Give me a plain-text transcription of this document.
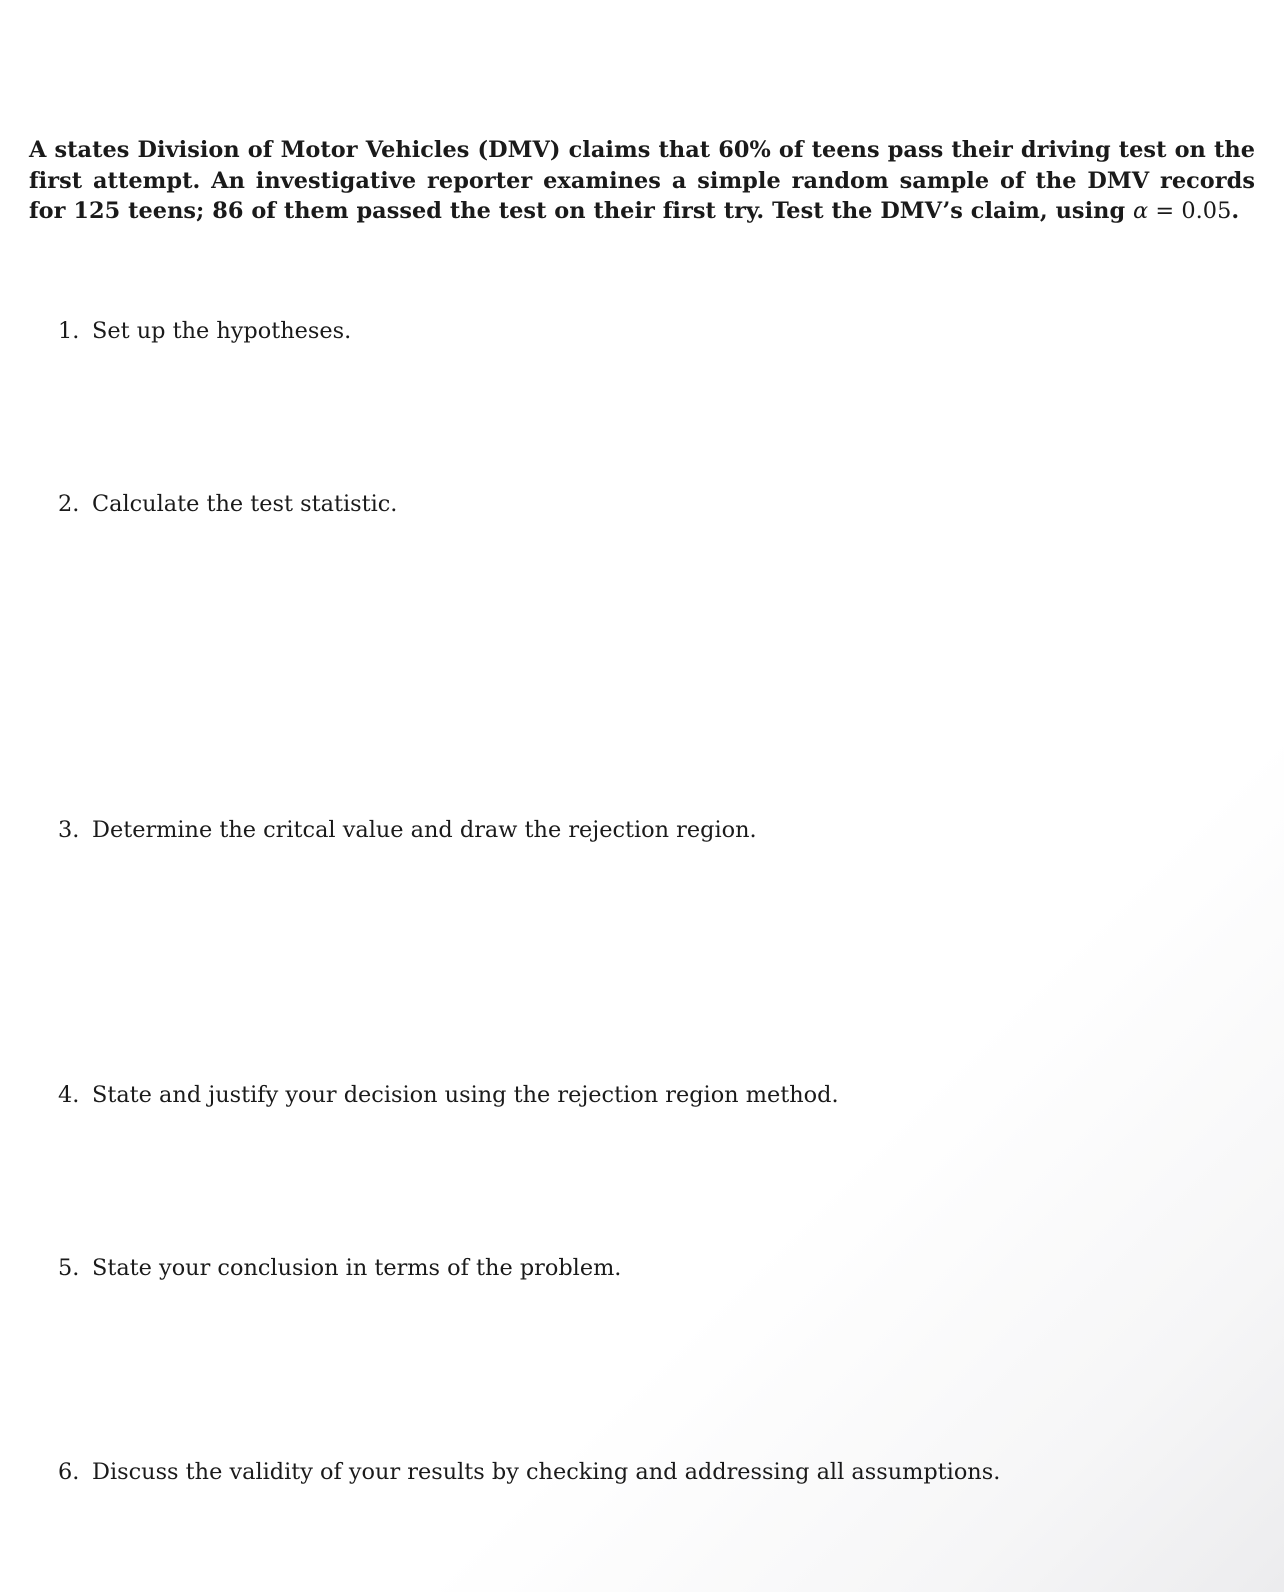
A states Division of Motor Vehicles (DMV) claims that 60% of teens pass their driving test on the first attempt. An investigative reporter examines a simple random sample of the DMV records for 125 teens; 86 of them passed the test on their first try. Test the DMV’s claim, using α = 0.05.
1. Set up the hypotheses.
2. Calculate the test statistic.
3. Determine the critcal value and draw the rejection region.
4. State and justify your decision using the rejection region method.
5. State your conclusion in terms of the problem.
6. Discuss the validity of your results by checking and addressing all assumptions.
